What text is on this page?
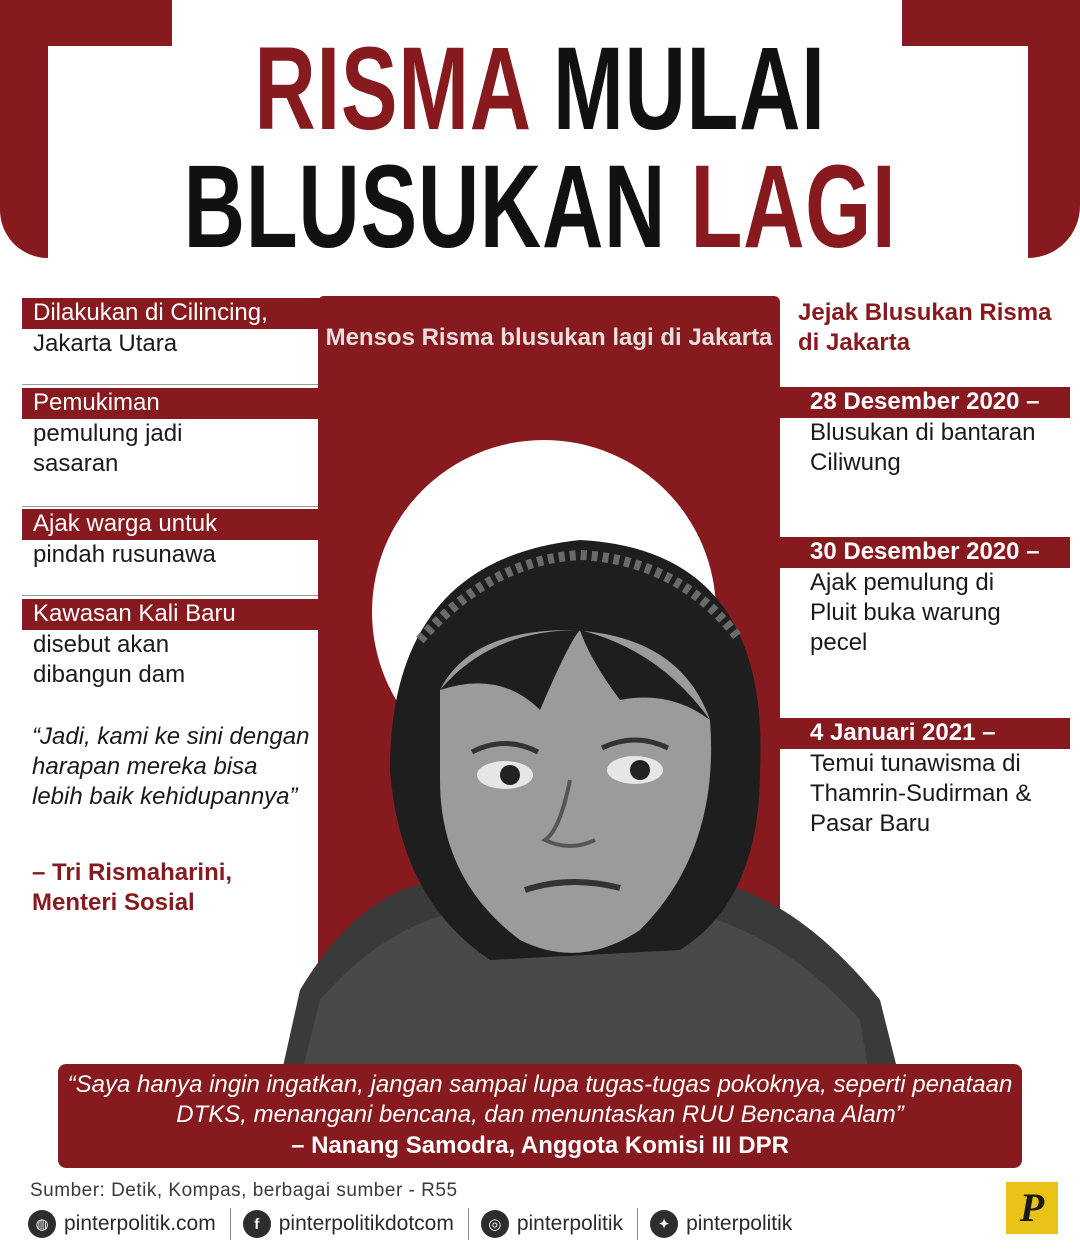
RISMA MULAI
BLUSUKAN LAGI
Mensos Risma blusukan lagi di Jakarta
Dilakukan di Cilincing,
Jakarta Utara
Pemukiman
pemulung jadi sasaran
Ajak warga untuk
pindah rusunawa
Kawasan Kali Baru
disebut akan dibangun dam
“Jadi, kami ke sini dengan harapan mereka bisa lebih baik kehidupannya”
– Tri Rismaharini, Menteri Sosial
Jejak Blusukan Risma di Jakarta
28 Desember 2020 –
Blusukan di bantaran Ciliwung
30 Desember 2020 –
Ajak pemulung di Pluit buka warung pecel
4 Januari 2021 –
Temui tunawisma di Thamrin-Sudirman & Pasar Baru
“Saya hanya ingin ingatkan, jangan sampai lupa tugas-tugas pokoknya, seperti penataan DTKS, menangani bencana, dan menuntaskan RUU Bencana Alam”
– Nanang Samodra, Anggota Komisi III DPR
Sumber: Detik, Kompas, berbagai sumber - R55
◍ pinterpolitik.com	f pinterpolitikdotcom	◎ pinterpolitik	✦ pinterpolitik	P
